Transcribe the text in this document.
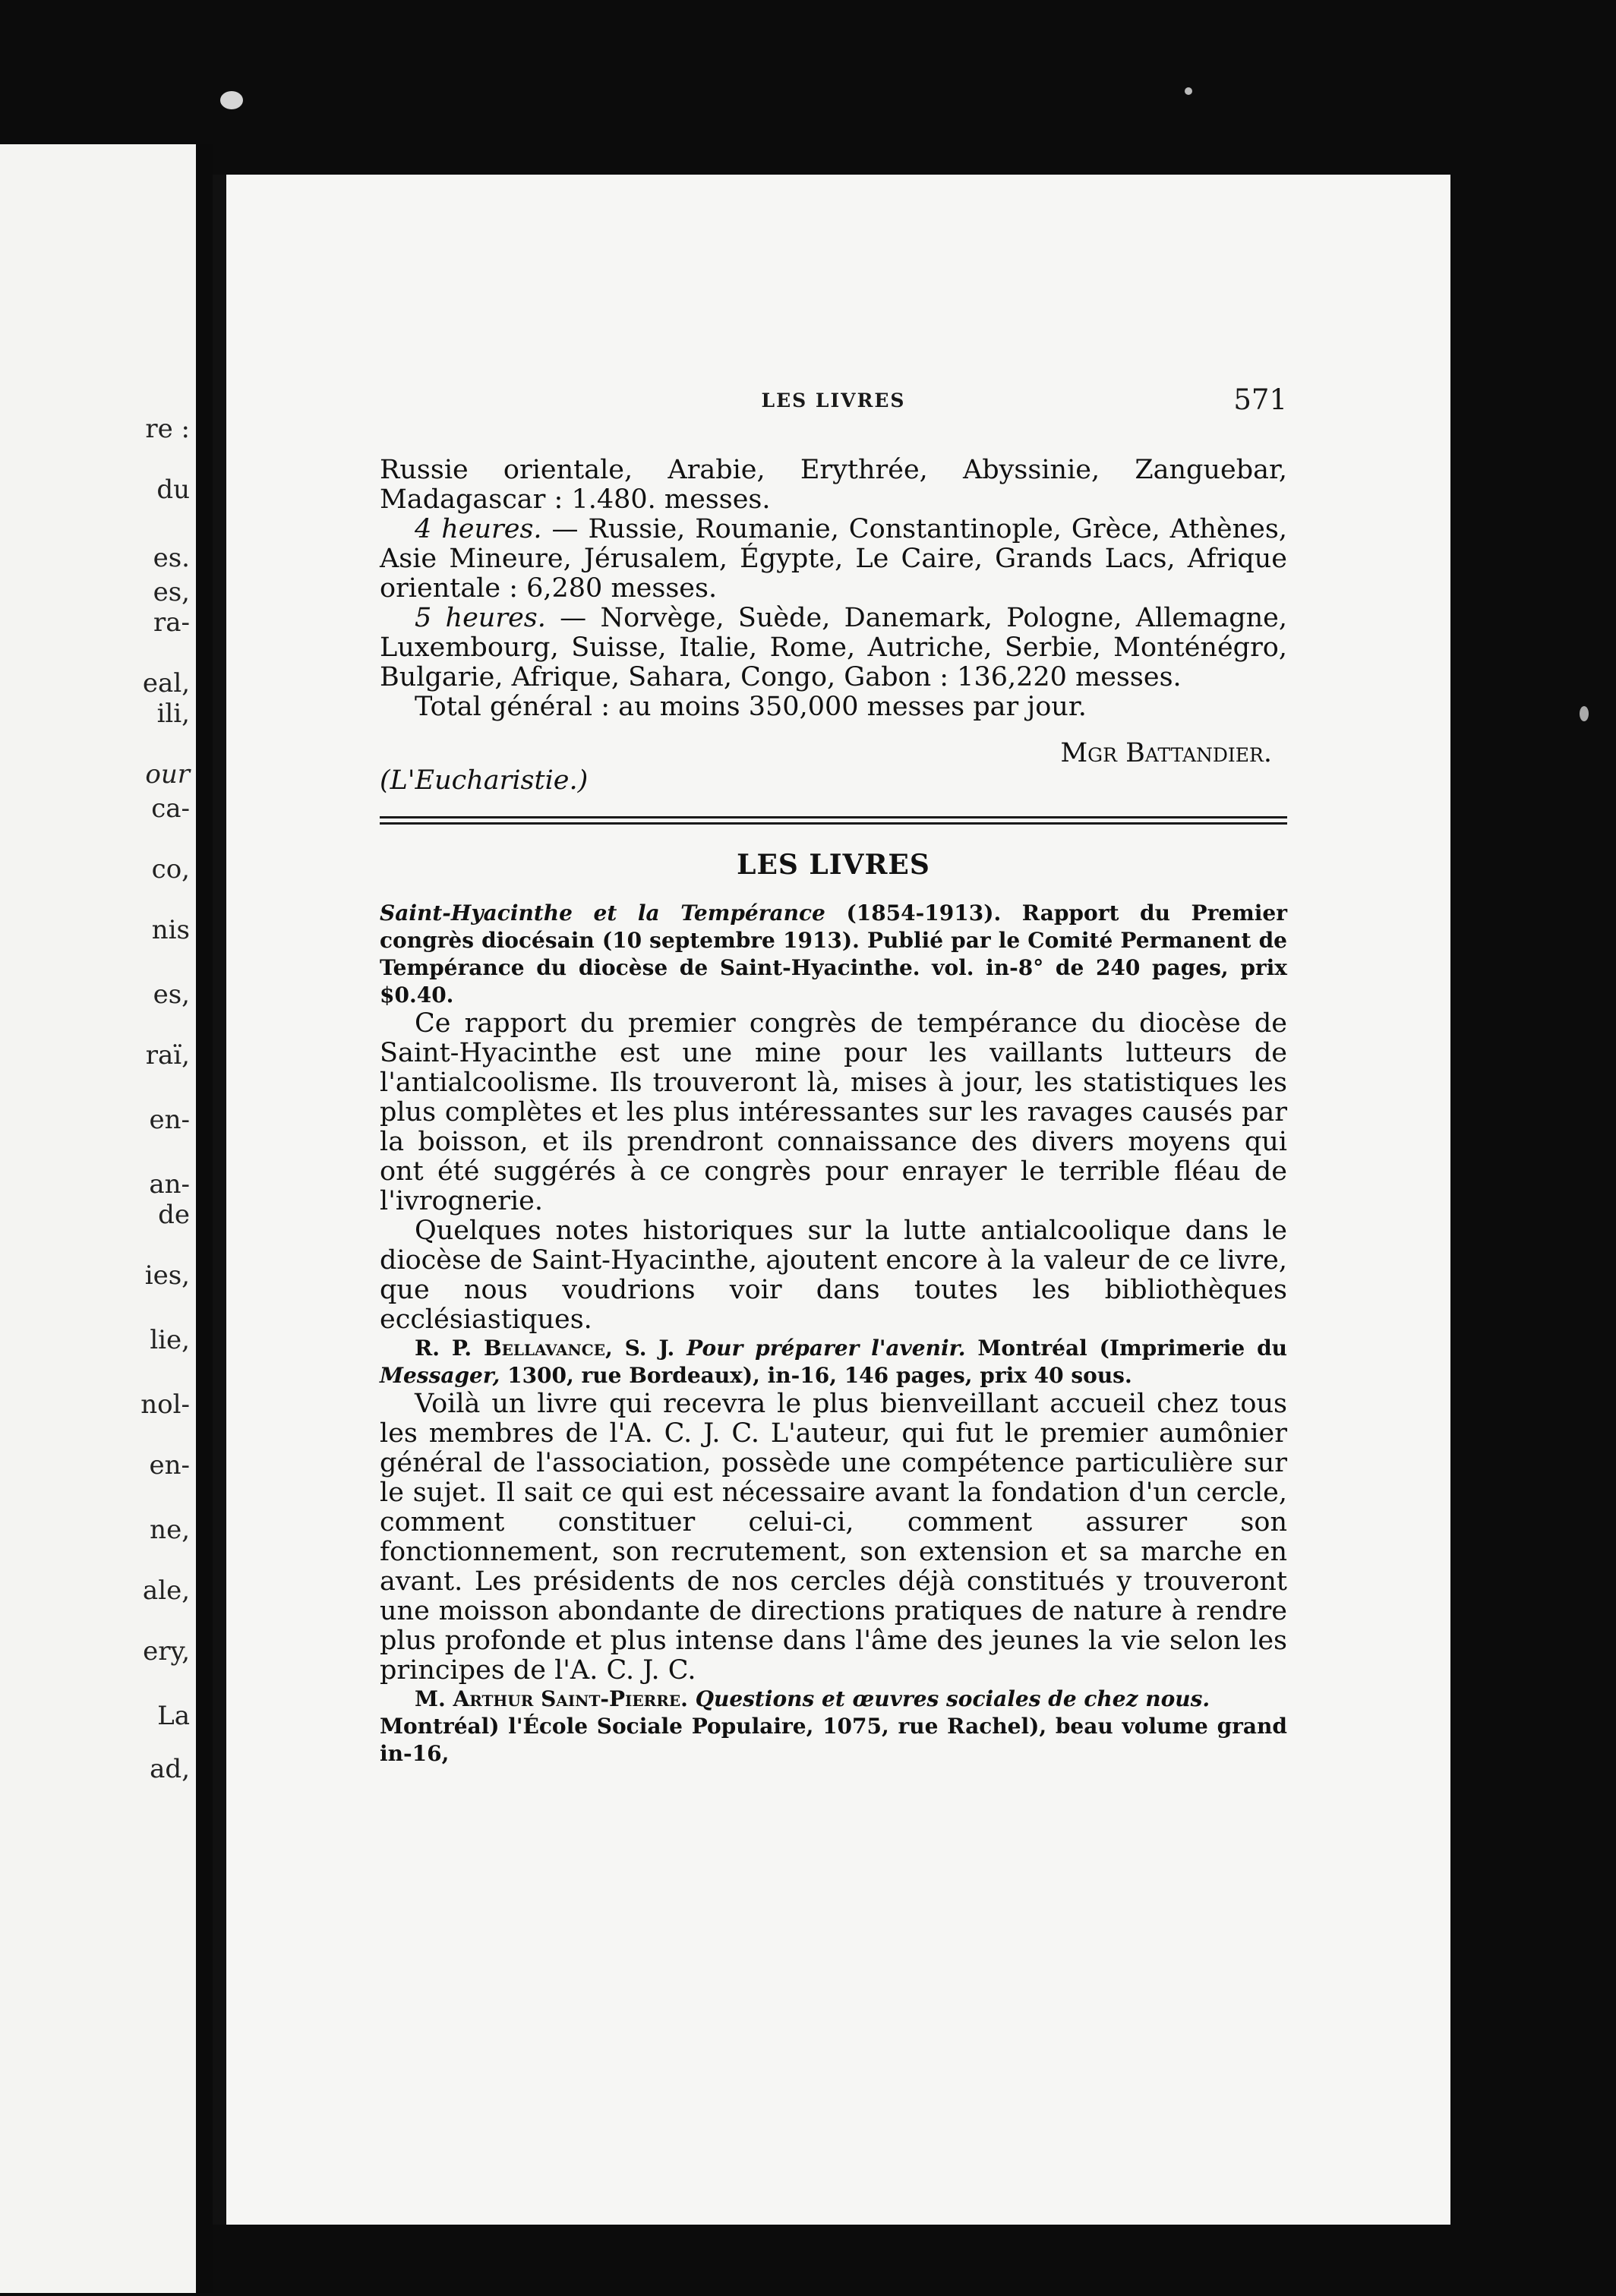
re :
du
es.
es,
ra-
eal,
ili,
our
ca-
co,
nis
es,
raï,
en-
an-
de
ies,
lie,
nol-
en-
ne,
ale,
ery,
La
ad,
LES LIVRES	571

Russie orientale, Arabie, Erythrée, Abyssinie, Zanguebar, Madagascar : 1.480. messes.

4 heures. — Russie, Roumanie, Constantinople, Grèce, Athènes, Asie Mineure, Jérusalem, Égypte, Le Caire, Grands Lacs, Afrique orientale : 6,280 messes.

5 heures. — Norvège, Suède, Danemark, Pologne, Allemagne, Luxembourg, Suisse, Italie, Rome, Autriche, Serbie, Monténégro, Bulgarie, Afrique, Sahara, Congo, Gabon : 136,220 messes.

Total général : au moins 350,000 messes par jour.

Mgr Battandier.
(L'Eucharistie.)
LES LIVRES

Saint-Hyacinthe et la Tempérance (1854-1913). Rapport du Premier congrès diocésain (10 septembre 1913). Publié par le Comité Permanent de Tempérance du diocèse de Saint-Hyacinthe. vol. in-8° de 240 pages, prix $0.40.

Ce rapport du premier congrès de tempérance du diocèse de Saint-Hyacinthe est une mine pour les vaillants lutteurs de l'antialcoolisme. Ils trouveront là, mises à jour, les statistiques les plus complètes et les plus intéressantes sur les ravages causés par la boisson, et ils prendront connaissance des divers moyens qui ont été suggérés à ce congrès pour enrayer le terrible fléau de l'ivrognerie.

Quelques notes historiques sur la lutte antialcoolique dans le diocèse de Saint-Hyacinthe, ajoutent encore à la valeur de ce livre, que nous voudrions voir dans toutes les bibliothèques ecclésiastiques.

R. P. Bellavance, S. J. Pour préparer l'avenir. Montréal (Imprimerie du Messager, 1300, rue Bordeaux), in-16, 146 pages, prix 40 sous.

Voilà un livre qui recevra le plus bienveillant accueil chez tous les membres de l'A. C. J. C. L'auteur, qui fut le premier aumônier général de l'association, possède une compétence particulière sur le sujet. Il sait ce qui est nécessaire avant la fondation d'un cercle, comment constituer celui-ci, comment assurer son fonctionnement, son recrutement, son extension et sa marche en avant. Les présidents de nos cercles déjà constitués y trouveront une moisson abondante de directions pratiques de nature à rendre plus profonde et plus intense dans l'âme des jeunes la vie selon les principes de l'A. C. J. C.

M. Arthur Saint-Pierre. Questions et œuvres sociales de chez nous.
Montréal) l'École Sociale Populaire, 1075, rue Rachel), beau volume grand in-16,
